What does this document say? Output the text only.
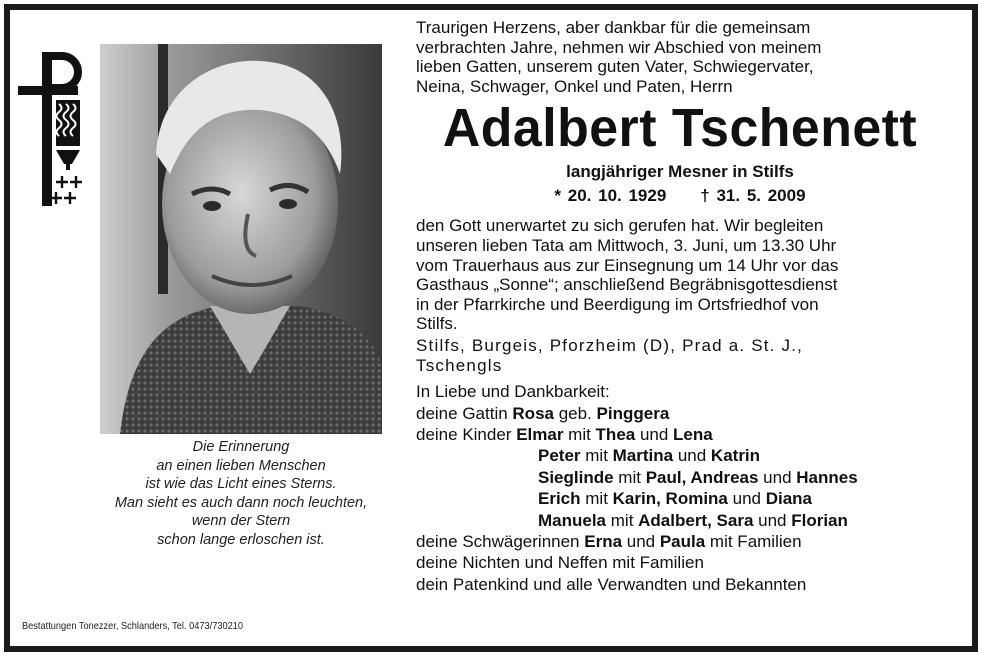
Die Erinnerung
an einen lieben Menschen
ist wie das Licht eines Sterns.
Man sieht es auch dann noch leuchten,
wenn der Stern
schon lange erloschen ist.
Bestattungen Tonezzer, Schlanders, Tel. 0473/730210
Traurigen Herzens, aber dankbar für die gemeinsam
verbrachten Jahre, nehmen wir Abschied von meinem
lieben Gatten, unserem guten Vater, Schwiegervater,
Neina, Schwager, Onkel und Paten, Herrn
Adalbert Tschenett
langjähriger Mesner in Stilfs
* 20. 10. 1929 † 31. 5. 2009
den Gott unerwartet zu sich gerufen hat. Wir begleiten
unseren lieben Tata am Mittwoch, 3. Juni, um 13.30 Uhr
vom Trauerhaus aus zur Einsegnung um 14 Uhr vor das
Gasthaus „Sonne“; anschließend Begräbnisgottesdienst
in der Pfarrkirche und Beerdigung im Ortsfriedhof von
Stilfs.
Stilfs, Burgeis, Pforzheim (D), Prad a. St. J.,
Tschengls
In Liebe und Dankbarkeit:
deine Gattin Rosa geb. Pinggera
deine Kinder Elmar mit Thea und Lena
Peter mit Martina und Katrin
Sieglinde mit Paul, Andreas und Hannes
Erich mit Karin, Romina und Diana
Manuela mit Adalbert, Sara und Florian
deine Schwägerinnen Erna und Paula mit Familien
deine Nichten und Neffen mit Familien
dein Patenkind und alle Verwandten und Bekannten
